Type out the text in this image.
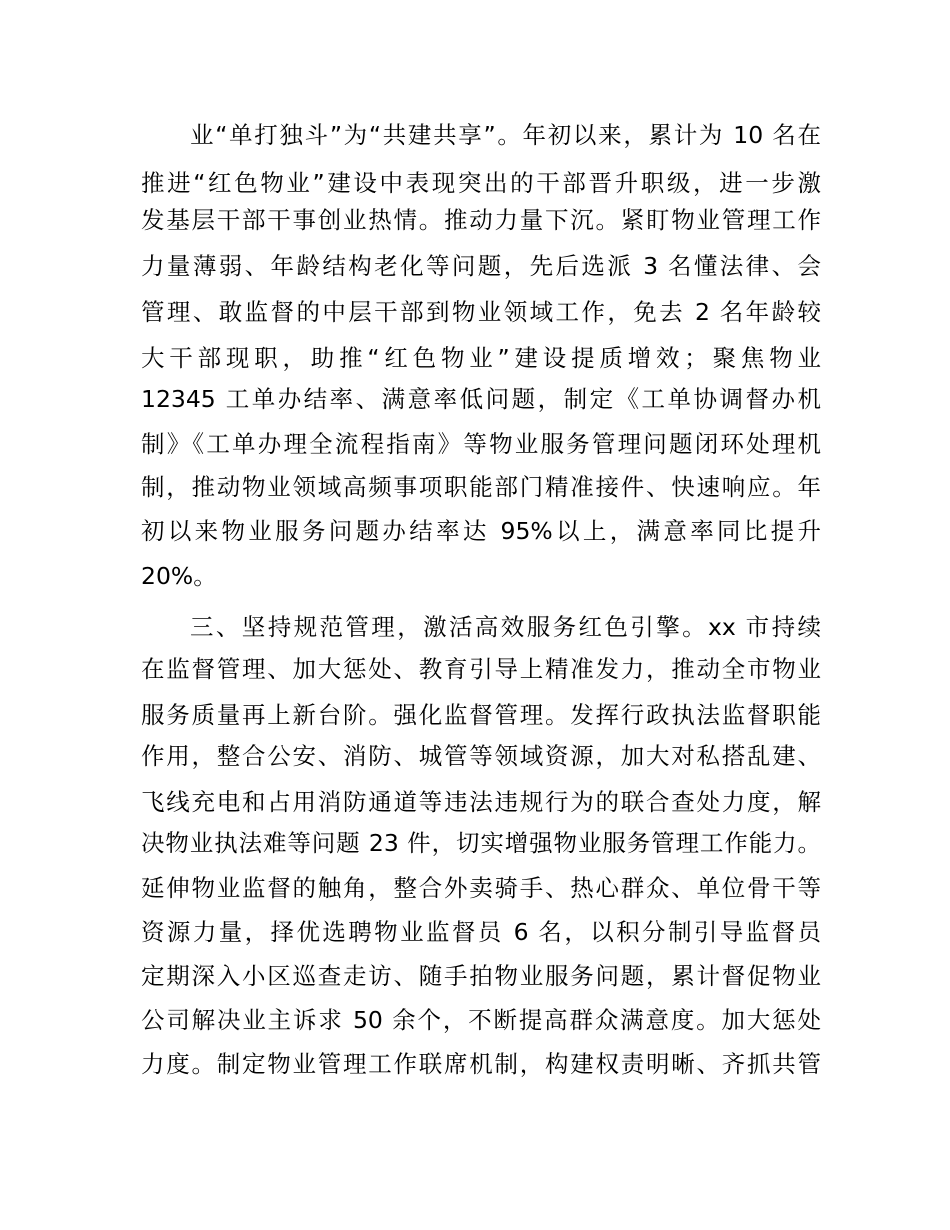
业“单打独斗”为“共建共享”。年初以来，累计为 10 名在

推进“红色物业”建设中表现突出的干部晋升职级，进一步激

发基层干部干事创业热情。推动力量下沉。紧盯物业管理工作

力量薄弱、年龄结构老化等问题，先后选派 3 名懂法律、会

管理、敢监督的中层干部到物业领域工作，免去 2 名年龄较

大干部现职，助推“红色物业”建设提质增效；聚焦物业

12345 工单办结率、满意率低问题，制定《工单协调督办机

制》《工单办理全流程指南》等物业服务管理问题闭环处理机

制，推动物业领域高频事项职能部门精准接件、快速响应。年

初以来物业服务问题办结率达 95%以上，满意率同比提升

20%。

三、坚持规范管理，激活高效服务红色引擎。xx 市持续

在监督管理、加大惩处、教育引导上精准发力，推动全市物业

服务质量再上新台阶。强化监督管理。发挥行政执法监督职能

作用，整合公安、消防、城管等领域资源，加大对私搭乱建、

飞线充电和占用消防通道等违法违规行为的联合查处力度，解

决物业执法难等问题 23 件，切实增强物业服务管理工作能力。

延伸物业监督的触角，整合外卖骑手、热心群众、单位骨干等

资源力量，择优选聘物业监督员 6 名，以积分制引导监督员

定期深入小区巡查走访、随手拍物业服务问题，累计督促物业

公司解决业主诉求 50 余个，不断提高群众满意度。加大惩处

力度。制定物业管理工作联席机制，构建权责明晰、齐抓共管
